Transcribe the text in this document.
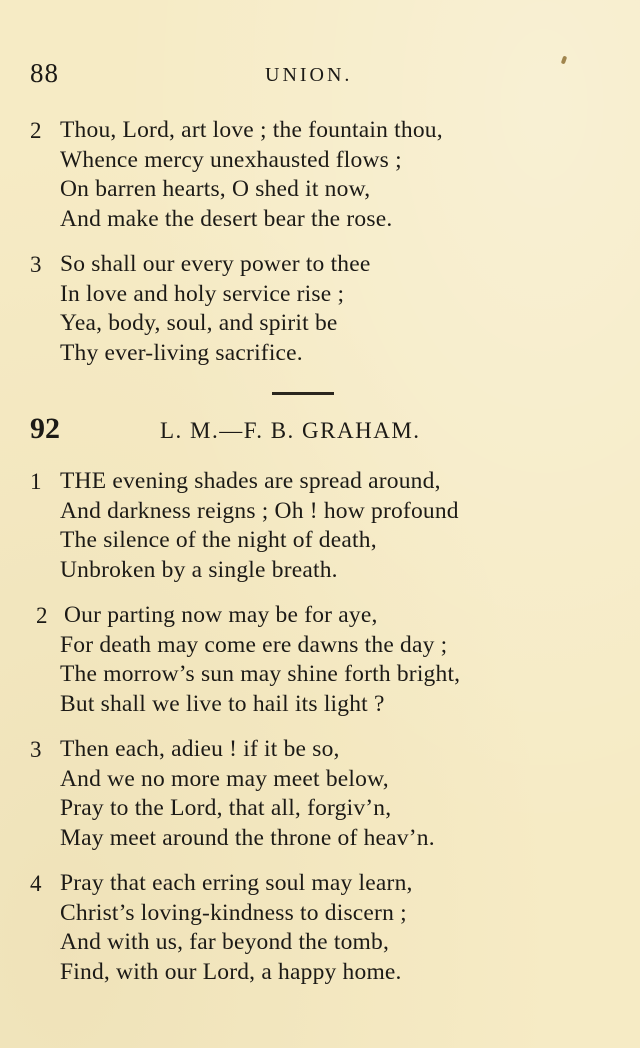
88	UNION.
2 Thou, Lord, art love ; the fountain thou,
Whence mercy unexhausted flows ;
On barren hearts, O shed it now,
And make the desert bear the rose.
3 So shall our every power to thee
In love and holy service rise ;
Yea, body, soul, and spirit be
Thy ever-living sacrifice.
92	L. M.—F. B. GRAHAM.
1 THE evening shades are spread around,
And darkness reigns ; Oh ! how profound
The silence of the night of death,
Unbroken by a single breath.
2 Our parting now may be for aye,
For death may come ere dawns the day ;
The morrow’s sun may shine forth bright,
But shall we live to hail its light ?
3 Then each, adieu ! if it be so,
And we no more may meet below,
Pray to the Lord, that all, forgiv’n,
May meet around the throne of heav’n.
4 Pray that each erring soul may learn,
Christ’s loving-kindness to discern ;
And with us, far beyond the tomb,
Find, with our Lord, a happy home.
